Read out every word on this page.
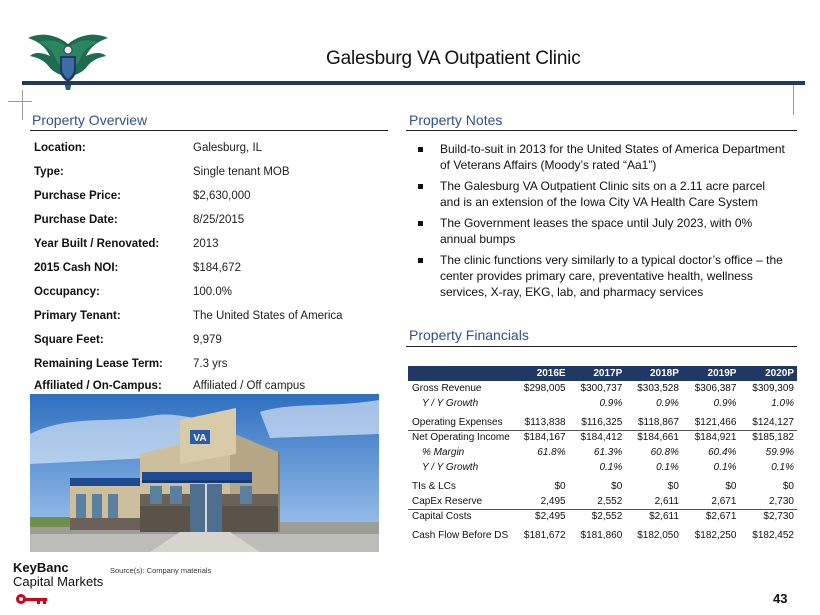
Galesburg VA Outpatient Clinic
Property Overview
Location:	Galesburg, IL
Type:	Single tenant MOB
Purchase Price:	$2,630,000
Purchase Date:	8/25/2015
Year Built / Renovated:	2013
2015 Cash NOI:	$184,672
Occupancy:	100.0%
Primary Tenant:	The United States of America
Square Feet:	9,979
Remaining Lease Term:	7.3 yrs
Affiliated / On-Campus:	Affiliated / Off campus
Property Notes
Build-to-suit in 2013 for the United States of America Department of Veterans Affairs (Moody’s rated “Aa1”)
The Galesburg VA Outpatient Clinic sits on a 2.11 acre parcel and is an extension of the Iowa City VA Health Care System
The Government leases the space until July 2023, with 0% annual bumps
The clinic functions very similarly to a typical doctor’s office – the center provides primary care, preventative health, wellness services, X-ray, EKG, lab, and pharmacy services
Property Financials
	2016E	2017P	2018P	2019P	2020P
Gross Revenue	$298,005	$300,737	$303,528	$306,387	$309,309
Y / Y Growth		0.9%	0.9%	0.9%	1.0%

Operating Expenses	$113,838	$116,325	$118,867	$121,466	$124,127
Net Operating Income	$184,167	$184,412	$184,661	$184,921	$185,182
% Margin	61.8%	61.3%	60.8%	60.4%	59.9%
Y / Y Growth		0.1%	0.1%	0.1%	0.1%

TIs & LCs	$0	$0	$0	$0	$0
CapEx Reserve	2,495	2,552	2,611	2,671	2,730
Capital Costs	$2,495	$2,552	$2,611	$2,671	$2,730

Cash Flow Before DS	$181,672	$181,860	$182,050	$182,250	$182,452
VA
KeyBanc
Capital Markets
Source(s): Company materials
43
